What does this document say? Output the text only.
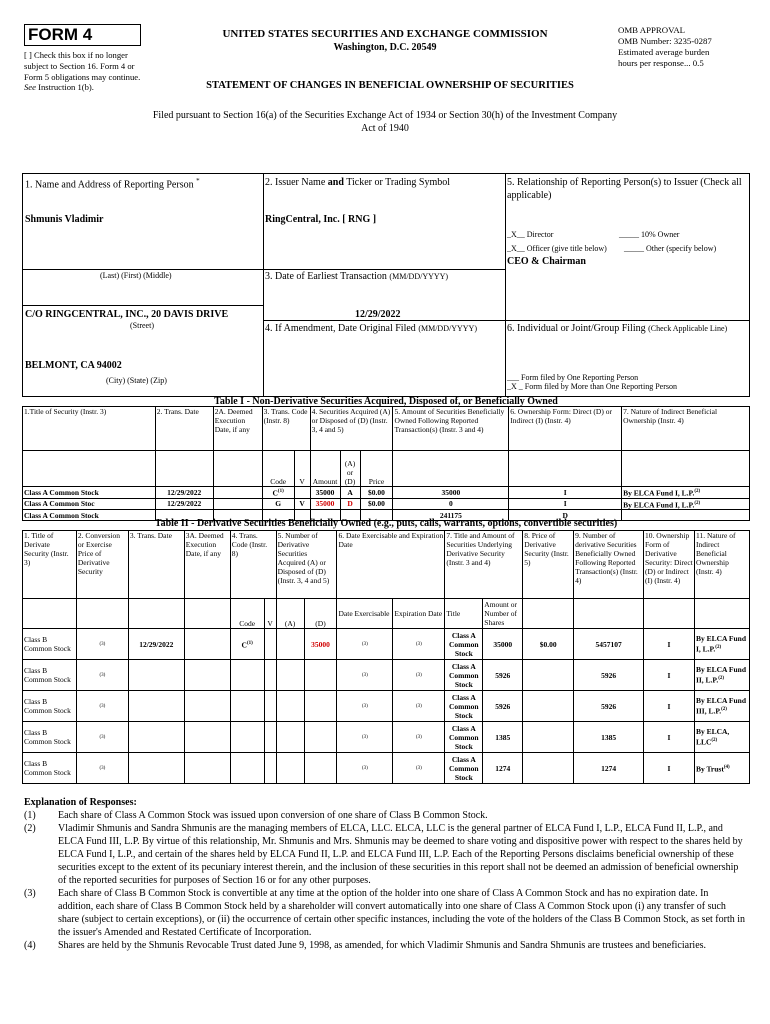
FORM 4
[ ] Check this box if no longer subject to Section 16. Form 4 or Form 5 obligations may continue. See Instruction 1(b).
UNITED STATES SECURITIES AND EXCHANGE COMMISSION
Washington, D.C. 20549
OMB APPROVAL
OMB Number: 3235-0287
Estimated average burden
hours per response... 0.5
STATEMENT OF CHANGES IN BENEFICIAL OWNERSHIP OF SECURITIES
Filed pursuant to Section 16(a) of the Securities Exchange Act of 1934 or Section 30(h) of the Investment Company Act of 1940
1. Name and Address of Reporting Person *
Shmunis Vladimir
(Last) (First) (Middle)
C/O RINGCENTRAL, INC., 20 DAVIS DRIVE
(Street)
BELMONT, CA 94002
(City) (State) (Zip)
2. Issuer Name and Ticker or Trading Symbol
RingCentral, Inc. [ RNG ]
3. Date of Earliest Transaction (MM/DD/YYYY)
12/29/2022
4. If Amendment, Date Original Filed (MM/DD/YYYY)
5. Relationship of Reporting Person(s) to Issuer (Check all applicable)
_X__ Director	_____ 10% Owner
_X__ Officer (give title below) _____ Other (specify below)
CEO & Chairman
6. Individual or Joint/Group Filing (Check Applicable Line)
___ Form filed by One Reporting Person
_X _ Form filed by More than One Reporting Person
Table I - Non-Derivative Securities Acquired, Disposed of, or Beneficially Owned
1.Title of Security (Instr. 3)	2. Trans. Date	2A. Deemed Execution Date, if any	3. Trans. Code (Instr. 8)		4. Securities Acquired (A) or Disposed of (D) (Instr. 3, 4 and 5)			5. Amount of Securities Beneficially Owned Following Reported Transaction(s) (Instr. 3 and 4)	6. Ownership Form: Direct (D) or Indirect (I) (Instr. 4)	7. Nature of Indirect Beneficial Ownership (Instr. 4)
			Code	V	Amount	(A) or (D)	Price			
Class A Common Stock	12/29/2022		$C^{(1)}$		35000	A	$0.00	35000	I	By ELCA Fund I, L.P.$^{(2)}$
Class A Common Stoc	12/29/2022		G	V	35000	D	$0.00	0	I	By ELCA Fund I, L.P.$^{(2)}$
Class A Common Stock								241175	D	
Table II - Derivative Securities Beneficially Owned (e.g., puts, calls, warrants, options, convertible securities)
1. Title of Derivate Security (Instr. 3)	2. Conversion or Exercise Price of Derivative Security	3. Trans. Date	3A. Deemed Execution Date, if any	4. Trans. Code (Instr. 8)		5. Number of Derivative Securities Acquired (A) or Disposed of (D) (Instr. 3, 4 and 5)		6. Date Exercisable and Expiration Date		7. Title and Amount of Securities Underlying Derivative Security (Instr. 3 and 4)		8. Price of Derivative Security (Instr. 5)	9. Number of derivative Securities Beneficially Owned Following Reported Transaction(s) (Instr. 4)	10. Ownership Form of Derivative Security: Direct (D) or Indirect (I) (Instr. 4)	11. Nature of Indirect Beneficial Ownership (Instr. 4)
				Code	V	(A)	(D)	Date Exercisable	Expiration Date	Title	Amount or Number of Shares				
Class B Common Stock	(3)	12/29/2022		$C^{(1)}$			35000	(3)	(3)	Class A Common Stock	35000	$0.00	5457107	I	By ELCA Fund I, L.P.$^{(2)}$
Class B Common Stock	(3)							(3)	(3)	Class A Common Stock	5926		5926	I	By ELCA Fund II, L.P.$^{(2)}$
Class B Common Stock	(3)							(3)	(3)	Class A Common Stock	5926		5926	I	By ELCA Fund III, L.P.$^{(2)}$
Class B Common Stock	(3)							(3)	(3)	Class A Common Stock	1385		1385	I	By ELCA, LLC$^{(2)}$
Class B Common Stock	(3)							(3)	(3)	Class A Common Stock	1274		1274	I	By Trust$^{(4)}$
Explanation of Responses:
(1)	Each share of Class A Common Stock was issued upon conversion of one share of Class B Common Stock.
(2)	Vladimir Shmunis and Sandra Shmunis are the managing members of ELCA, LLC. ELCA, LLC is the general partner of ELCA Fund I, L.P., ELCA Fund II, L.P., and ELCA Fund III, L.P. By virtue of this relationship, Mr. Shmunis and Mrs. Shmunis may be deemed to share voting and dispositive power with respect to the shares held by ELCA Fund I, L.P., and certain of the shares held by ELCA Fund II, L.P. and ELCA Fund III, L.P. Each of the Reporting Persons disclaims beneficial ownership of these securities except to the extent of its pecuniary interest therein, and the inclusion of these securities in this report shall not be deemed an admission of beneficial ownership of the reported securities for purposes of Section 16 or for any other purposes.
(3)	Each share of Class B Common Stock is convertible at any time at the option of the holder into one share of Class A Common Stock and has no expiration date. In addition, each share of Class B Common Stock held by a shareholder will convert automatically into one share of Class A Common Stock upon (i) any transfer of such share (subject to certain exceptions), or (ii) the occurrence of certain other specific instances, including the vote of the holders of the Class B Common Stock, as set forth in the issuer's Amended and Restated Certificate of Incorporation.
(4)	Shares are held by the Shmunis Revocable Trust dated June 9, 1998, as amended, for which Vladimir Shmunis and Sandra Shmunis are trustees and beneficiaries.
